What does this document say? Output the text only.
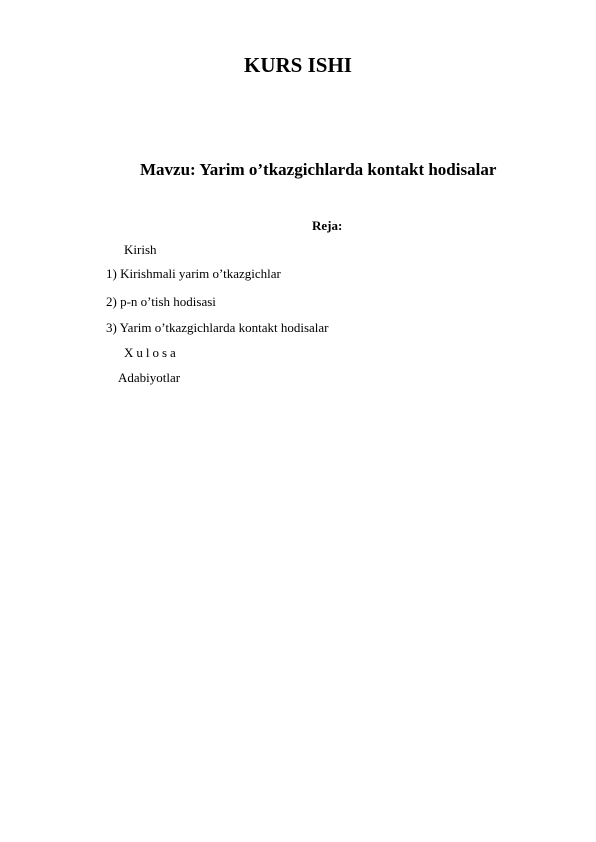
KURS ISHI
Mavzu: Yarim o’tkazgichlarda kontakt hodisalar
Reja:
Kirish
1) Kirishmali yarim o’tkazgichlar
2) p-n o’tish hodisasi
3) Yarim o’tkazgichlarda kontakt hodisalar
Xulosa
Adabiyotlar
